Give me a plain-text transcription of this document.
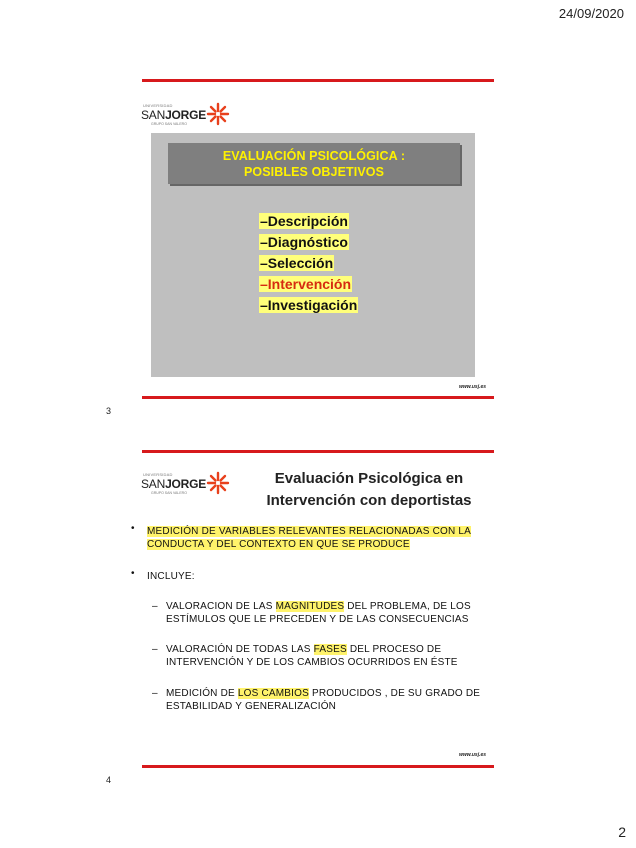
24/09/2020
2
UNIVERSIDAD
SANJORGE
GRUPO SAN VALERO
EVALUACIÓN PSICOLÓGICA :
POSIBLES OBJETIVOS
–Descripción
–Diagnóstico
–Selección
–Intervención
–Investigación
www.usj.es
3
UNIVERSIDAD
SANJORGE
GRUPO SAN VALERO
Evaluación Psicológica en
Intervención con deportistas
• MEDICIÓN DE VARIABLES RELEVANTES RELACIONADAS CON LA
CONDUCTA Y DEL CONTEXTO EN QUE SE PRODUCE
• INCLUYE:
– VALORACION DE LAS MAGNITUDES DEL PROBLEMA, DE LOS
ESTÍMULOS QUE LE PRECEDEN Y DE LAS CONSECUENCIAS
– VALORACIÓN DE TODAS LAS FASES DEL PROCESO DE
INTERVENCIÓN Y DE LOS CAMBIOS OCURRIDOS EN ÉSTE
– MEDICIÓN DE LOS CAMBIOS PRODUCIDOS , DE SU GRADO DE
ESTABILIDAD Y GENERALIZACIÓN
www.usj.es
4
